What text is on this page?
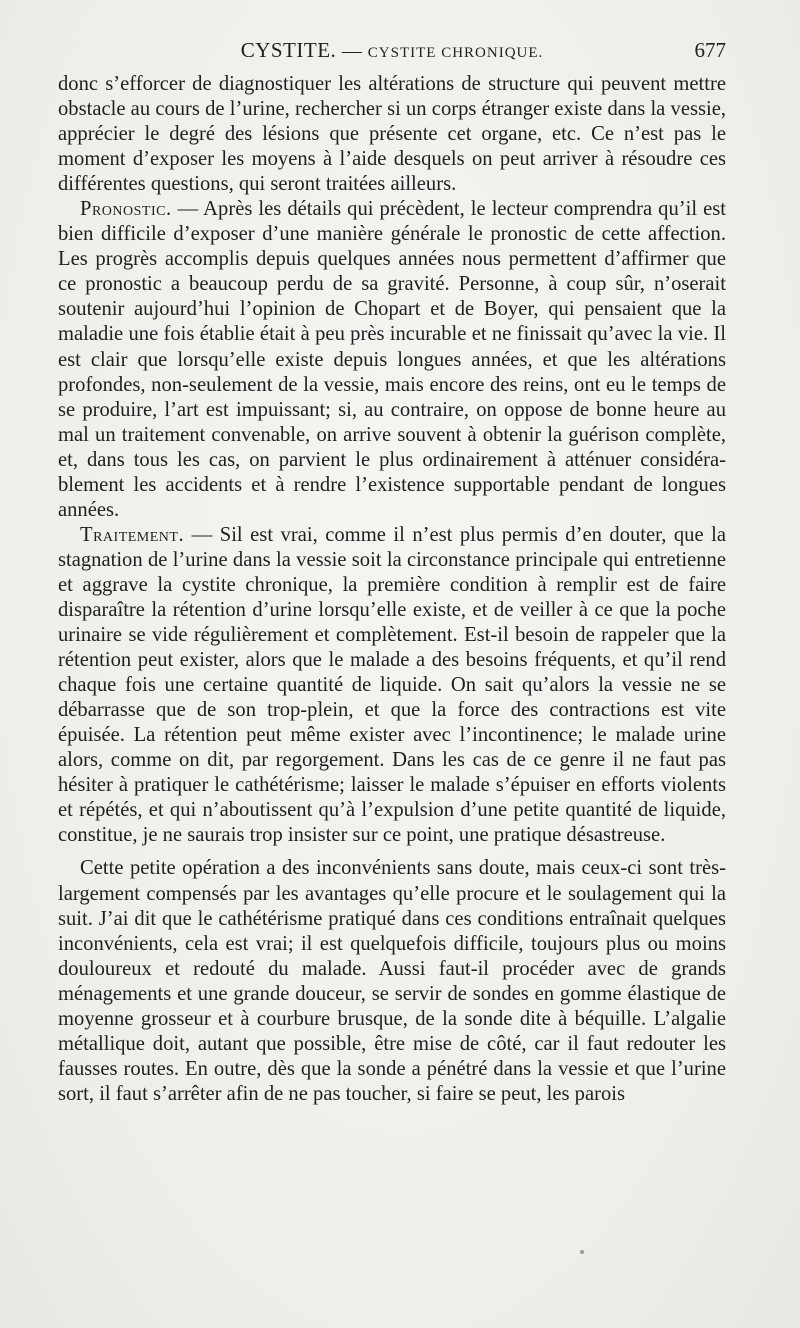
CYSTITE. — CYSTITE CHRONIQUE.	677

donc s’efforcer de diagnostiquer les altérations de structure qui peuvent mettre obstacle au cours de l’urine, rechercher si un corps étranger existe dans la vessie, apprécier le degré des lésions que présente cet organe, etc. Ce n’est pas le moment d’exposer les moyens à l’aide desquels on peut arriver à résoudre ces différentes questions, qui seront traitées ailleurs.

Pronostic. — Après les détails qui précèdent, le lecteur comprendra qu’il est bien difficile d’exposer d’une manière générale le pronostic de cette affection. Les progrès accomplis depuis quelques années nous permettent d’affirmer que ce pronostic a beaucoup perdu de sa gravité. Personne, à coup sûr, n’oserait soutenir aujourd’hui l’opinion de Chopart et de Boyer, qui pensaient que la maladie une fois établie était à peu près incurable et ne finissait qu’avec la vie. Il est clair que lorsqu’elle existe depuis longues années, et que les altérations profondes, non-seulement de la vessie, mais encore des reins, ont eu le temps de se produire, l’art est impuissant; si, au contraire, on oppose de bonne heure au mal un traitement convenable, on arrive souvent à obtenir la guérison complète, et, dans tous les cas, on parvient le plus ordinairement à atténuer considérablement les accidents et à rendre l’existence supportable pendant de longues années.

Traitement. — Sil est vrai, comme il n’est plus permis d’en douter, que la stagnation de l’urine dans la vessie soit la circonstance principale qui entretienne et aggrave la cystite chronique, la première condition à remplir est de faire disparaître la rétention d’urine lorsqu’elle existe, et de veiller à ce que la poche urinaire se vide régulièrement et complètement. Est-il besoin de rappeler que la rétention peut exister, alors que le malade a des besoins fréquents, et qu’il rend chaque fois une certaine quantité de liquide. On sait qu’alors la vessie ne se débarrasse que de son trop-plein, et que la force des contractions est vite épuisée. La rétention peut même exister avec l’incontinence; le malade urine alors, comme on dit, par regorgement. Dans les cas de ce genre il ne faut pas hésiter à pratiquer le cathétérisme; laisser le malade s’épuiser en efforts violents et répétés, et qui n’aboutissent qu’à l’expulsion d’une petite quantité de liquide, constitue, je ne saurais trop insister sur ce point, une pratique désastreuse.

Cette petite opération a des inconvénients sans doute, mais ceux-ci sont très-largement compensés par les avantages qu’elle procure et le soulagement qui la suit. J’ai dit que le cathétérisme pratiqué dans ces conditions entraînait quelques inconvénients, cela est vrai; il est quelquefois difficile, toujours plus ou moins douloureux et redouté du malade. Aussi faut-il procéder avec de grands ménagements et une grande douceur, se servir de sondes en gomme élastique de moyenne grosseur et à courbure brusque, de la sonde dite à béquille. L’algalie métallique doit, autant que possible, être mise de côté, car il faut redouter les fausses routes. En outre, dès que la sonde a pénétré dans la vessie et que l’urine sort, il faut s’arrêter afin de ne pas toucher, si faire se peut, les parois
